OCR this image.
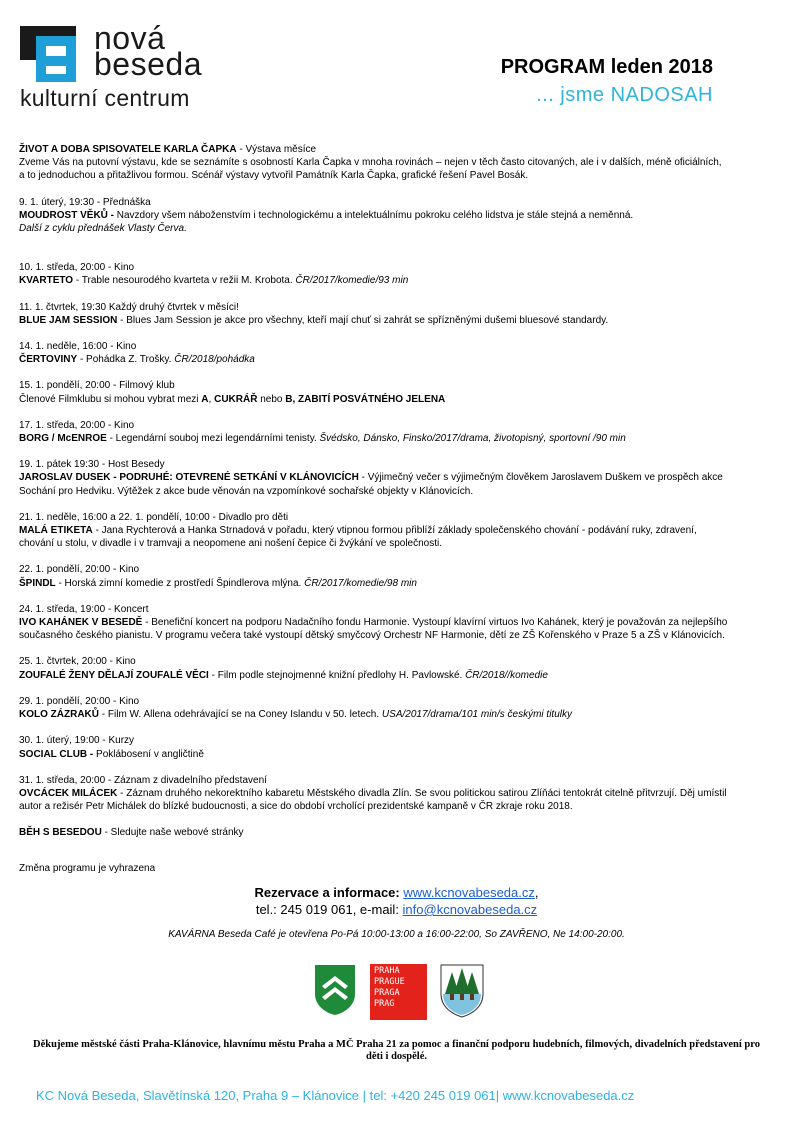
nová
beseda
kulturní centrum
PROGRAM leden 2018
... jsme NADOSAH

ŽIVOT A DOBA SPISOVATELE KARLA ČAPKA - Výstava měsíce

Zveme Vás na putovní výstavu, kde se seznámíte s osobností Karla Čapka v mnoha rovinách – nejen v těch často citovaných, ale i v dalších, méně oficiálních,

a to jednoduchou a přitažlivou formou. Scénář výstavy vytvořil Památník Karla Čapka, grafické řešení Pavel Bosák.

9. 1. úterý, 19:30 - Přednáška

MOUDROST VĚKŮ - Navzdory všem náboženstvím i technologickému a intelektuálnímu pokroku celého lidstva je stále stejná a neměnná.

Další z cyklu přednášek Vlasty Červa.

10. 1. středa, 20:00 - Kino

KVARTETO - Trable nesourodého kvarteta v režii M. Krobota. ČR/2017/komedie/93 min

11. 1. čtvrtek, 19:30 Každý druhý čtvrtek v měsíci!

BLUE JAM SESSION - Blues Jam Session je akce pro všechny, kteří mají chuť si zahrát se spřízněnými dušemi bluesové standardy.

14. 1. neděle, 16:00 - Kino

ČERTOVINY - Pohádka Z. Trošky. ČR/2018/pohádka

15. 1. pondělí, 20:00 - Filmový klub

Členové Filmklubu si mohou vybrat mezi A, CUKRÁŘ nebo B, ZABITÍ POSVÁTNÉHO JELENA

17. 1. středa, 20:00 - Kino

BORG / McENROE - Legendární souboj mezi legendárními tenisty. Švédsko, Dánsko, Finsko/2017/drama, životopisný, sportovní /90 min

19. 1. pátek 19:30 - Host Besedy

JAROSLAV DUSEK - PODRUHÉ: OTEVRENÉ SETKÁNÍ V KLÁNOVICÍCH - Výjimečný večer s výjimečným člověkem Jaroslavem Duškem ve prospěch akce

Sochání pro Hedviku. Výtěžek z akce bude věnován na vzpomínkové sochařské objekty v Klánovicích.

21. 1. neděle, 16:00 a 22. 1. pondělí, 10:00 - Divadlo pro děti

MALÁ ETIKETA - Jana Rychterová a Hanka Strnadová v pořadu, který vtipnou formou přiblíží základy společenského chování - podávání ruky, zdravení,

chování u stolu, v divadle i v tramvaji a neopomene ani nošení čepice či žvýkání ve společnosti.

22. 1. pondělí, 20:00 - Kino

ŠPINDL - Horská zimní komedie z prostředí Špindlerova mlýna. ČR/2017/komedie/98 min

24. 1. středa, 19:00 - Koncert

IVO KAHÁNEK V BESEDĚ - Benefiční koncert na podporu Nadačního fondu Harmonie. Vystoupí klavírní virtuos Ivo Kahánek, který je považován za nejlepšího

současného českého pianistu. V programu večera také vystoupí dětský smyčcový Orchestr NF Harmonie, dětí ze ZŠ Kořenského v Praze 5 a ZŠ v Klánovicích.

25. 1. čtvrtek, 20:00 - Kino

ZOUFALÉ ŽENY DĚLAJÍ ZOUFALÉ VĚCI - Film podle stejnojmenné knižní předlohy H. Pavlowské. ČR/2018//komedie

29. 1. pondělí, 20:00 - Kino

KOLO ZÁZRAKŮ - Film W. Allena odehrávající se na Coney Islandu v 50. letech. USA/2017/drama/101 min/s českými titulky

30. 1. úterý, 19:00 - Kurzy

SOCIAL CLUB - Poklábosení v angličtině

31. 1. středa, 20:00 - Záznam z divadelního představení

OVCÁCEK MILÁCEK - Záznam druhého nekorektního kabaretu Městského divadla Zlín. Se svou politickou satirou Zlíňáci tentokrát citelně přitvrzují. Děj umístil

autor a režisér Petr Michálek do blízké budoucnosti, a sice do období vrcholící prezidentské kampaně v ČR zkraje roku 2018.

BĚH S BESEDOU - Sledujte naše webové stránky

Změna programu je vyhrazena

Rezervace a informace: www.kcnovabeseda.cz,
tel.: 245 019 061, e-mail: info@kcnovabeseda.cz
KAVÁRNA Beseda Café je otevřena Po-Pá 10:00-13:00 a 16:00-22:00, So ZAVŘENO, Ne 14:00-20:00.
PRAHA
PRAGUE
PRAGA
PRAG
Děkujeme městské části Praha-Klánovice, hlavnímu městu Praha a MČ Praha 21 za pomoc a finanční podporu hudebních, filmových, divadelních představení pro
děti i dospělé.
KC Nová Beseda, Slavětínská 120, Praha 9 – Klánovice | tel: +420 245 019 061| www.kcnovabeseda.cz
